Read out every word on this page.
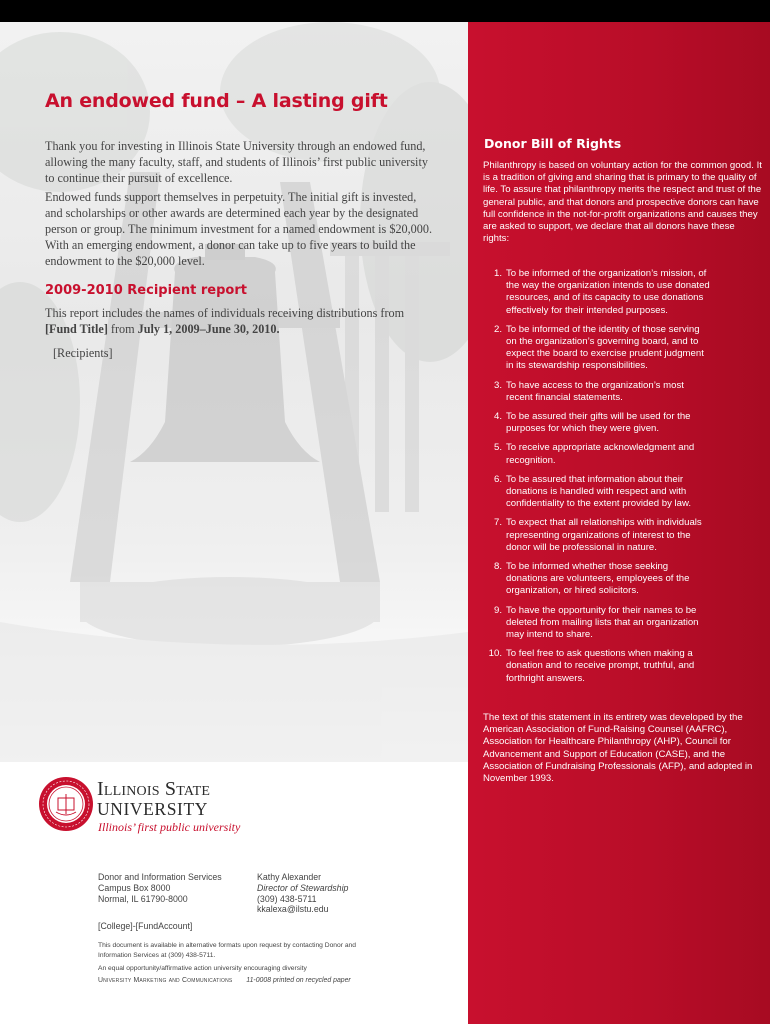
An endowed fund – A lasting gift

Thank you for investing in Illinois State University through an endowed fund, allowing the many faculty, staff, and students of Illinois’ first public university to continue their pursuit of excellence.

Endowed funds support themselves in perpetuity. The initial gift is invested, and scholarships or other awards are determined each year by the designated person or group. The minimum investment for a named endowment is $20,000. With an emerging endowment, a donor can take up to five years to build the endowment to the $20,000 level.

2009-2010 Recipient report

This report includes the names of individuals receiving distributions from
[Fund Title] from July 1, 2009–June 30, 2010.

[Recipients]
Donor Bill of Rights

Philanthropy is based on voluntary action for the common good. It is a tradition of giving and sharing that is primary to the quality of life. To assure that philanthropy merits the respect and trust of the general public, and that donors and prospective donors can have full confidence in the not-for-profit organizations and causes they are asked to support, we declare that all donors have these rights:

1. To be informed of the organization’s mission, of the way the organization intends to use donated resources, and of its capacity to use donations effectively for their intended purposes.
2. To be informed of the identity of those serving on the organization’s governing board, and to expect the board to exercise prudent judgment in its stewardship responsibilities.
3. To have access to the organization’s most recent financial statements.
4. To be assured their gifts will be used for the purposes for which they were given.
5. To receive appropriate acknowledgment and recognition.
6. To be assured that information about their donations is handled with respect and with confidentiality to the extent provided by law.
7. To expect that all relationships with individuals representing organizations of interest to the donor will be professional in nature.
8. To be informed whether those seeking donations are volunteers, employees of the organization, or hired solicitors.
9. To have the opportunity for their names to be deleted from mailing lists that an organization may intend to share.
10. To feel free to ask questions when making a donation and to receive prompt, truthful, and forthright answers.

The text of this statement in its entirety was developed by the American Association of Fund-Raising Counsel (AAFRC), Association for Healthcare Philanthropy (AHP), Council for Advancement and Support of Education (CASE), and the Association of Fundraising Professionals (AFP), and adopted in November 1993.

Illinois State
UNIVERSITY
Illinois’ first public university
Donor and Information Services
Campus Box 8000
Normal, IL 61790-8000
Kathy Alexander
Director of Stewardship
(309) 438-5711
kkalexa@ilstu.edu
[College]-[FundAccount]
This document is available in alternative formats upon request by contacting Donor and Information Services at (309) 438-5711.
An equal opportunity/affirmative action university encouraging diversity
University Marketing and Communications 11-0008 printed on recycled paper
